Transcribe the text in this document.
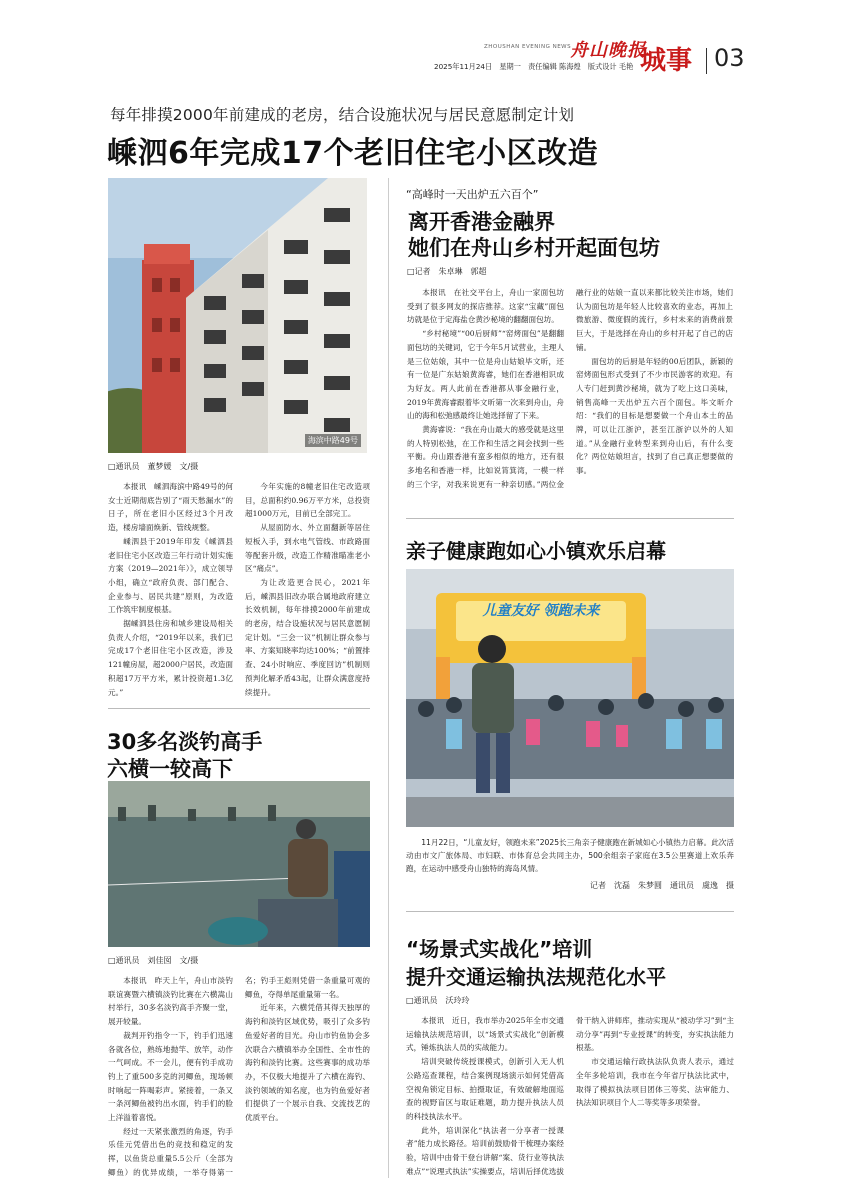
ZHOUSHAN EVENING NEWS
舟山晚报
2025年11月24日　星期一　责任编辑 陈海煌　版式设计 毛艳 城事 03
每年排摸2000年前建成的老房，结合设施状况与居民意愿制定计划
嵊泗6年完成17个老旧住宅小区改造
海滨中路49号
□通讯员　董梦媛　文/摄

本报讯　嵊泗海滨中路49号的何女士近期彻底告别了“雨天愁漏水”的日子，所在老旧小区经过3个月改造，楼房墙面焕新、管线规整。

嵊泗县于2019年印发《嵊泗县老旧住宅小区改造三年行动计划实施方案（2019—2021年）》，成立领导小组，确立“政府负责、部门配合、企业参与、居民共建”原则，为改造工作筑牢制度根基。

据嵊泗县住房和城乡建设局相关负责人介绍，“2019年以来，我们已完成17个老旧住宅小区改造，涉及121幢房屋，超2000户居民，改造面积超17万平方米，累计投资超1.3亿元。”

今年实施的8幢老旧住宅改造项目，总面积约0.96万平方米，总投资超1000万元，目前已全部完工。

从屋面防水、外立面翻新等居住短板入手，到水电气管线、市政路面等配套升级，改造工作精准瞄准老小区“痛点”。

为让改造更合民心，2021年后，嵊泗县旧改办联合属地政府建立长效机制，每年排摸2000年前建成的老房，结合设施状况与居民意愿制定计划。“三会一议”机制让群众参与率、方案知晓率均达100%；“前置排查、24小时响应、季度回访”机制则预判化解矛盾43起，让群众满意度持续提升。

“高峰时一天出炉五六百个”
离开香港金融界
她们在舟山乡村开起面包坊
□记者　朱卓琳　郭超

本报讯　在社交平台上，舟山一家面包坊受到了很多网友的探店推荐。这家“宝藏”面包坊就是位于定海盐仓黄沙秘境的翻翻面包坊。

“乡村秘境”“00后厨师”“窑烤面包”是翻翻面包坊的关键词，它于今年5月试营业，主理人是三位姑娘，其中一位是舟山姑娘毕文昕，还有一位是广东姑娘黄海睿，她们在香港相识成为好友。两人此前在香港都从事金融行业，2019年黄海睿跟着毕文昕第一次来到舟山，舟山的海和松弛感最终让她选择留了下来。

黄海睿说：“我在舟山最大的感受就是这里的人特别松弛，在工作和生活之间会找到一些平衡。舟山跟香港有蛮多相似的地方，还有很多地名和香港一样，比如说筲箕湾，一模一样的三个字，对我来说更有一种亲切感。”两位金融行业的姑娘一直以来都比较关注市场，她们认为面包坊是年轻人比较喜欢的业态，再加上微旅游、微度假的流行，乡村未来的消费前景巨大，于是选择在舟山的乡村开起了自己的店铺。

面包坊的后厨是年轻的00后团队，新颖的窑烤面包形式受到了不少市民游客的欢迎。有人专门赶到黄沙秘境，就为了吃上这口美味，销售高峰一天出炉五六百个面包。毕文昕介绍：“我们的目标是想要做一个舟山本土的品牌，可以让江浙沪，甚至江浙沪以外的人知道。”从金融行业转型来到舟山后，有什么变化？两位姑娘坦言，找到了自己真正想要做的事。

亲子健康跑如心小镇欢乐启幕
儿童友好 领跑未来
11月22日，“儿童友好，领跑未来”2025长三角亲子健康跑在新城如心小镇热力启幕。此次活动由市文广旅体局、市妇联、市体育总会共同主办，500余组亲子家庭在3.5公里赛道上欢乐奔跑，在运动中感受舟山独特的海岛风情。
记者　沈磊　朱梦圆　通讯员　虞逸　摄
30多名淡钓高手
六横一较高下
□通讯员　刘佳囡　文/摄

本报讯　昨天上午，舟山市淡钓联谊赛暨六横镇淡钓比赛在六横嵩山村举行，30多名淡钓高手齐聚一堂，展开较量。

裁判开钓指令一下，钓手们迅速各就各位，熟练地抛竿、放竿，动作一气呵成。不一会儿，便有钓手成功钓上了重500多克的河鲫鱼，现场顿时响起一阵喝彩声。紧接着，一条又一条河鲫鱼被钓出水面，钓手们的脸上洋溢着喜悦。

经过一天紧张激烈的角逐，钓手乐佳元凭借出色的竞技和稳定的发挥，以鱼货总重量5.5公斤（全部为鲫鱼）的优异成绩，一举夺得第一名；钓手王彪则凭借一条重量可观的鲫鱼，夺得单尾重量第一名。

近年来，六横凭借其得天独厚的海钓和淡钓区域优势，吸引了众多钓鱼爱好者的目光。舟山市钓鱼协会多次联合六横镇举办全国性、全市性的海钓和淡钓比赛。这些赛事的成功举办，不仅极大地提升了六横在海钓、淡钓领域的知名度，也为钓鱼爱好者们提供了一个展示自我、交流技艺的优质平台。

“场景式实战化”培训
提升交通运输执法规范化水平
□通讯员　沃玲玲

本报讯　近日，我市举办2025年全市交通运输执法规范培训，以“场景式实战化”创新模式，锤炼执法人员的实战能力。

培训突破传统授课模式，创新引入无人机公路巡查课程，结合案例现场演示如何凭借高空视角锁定目标、拍摄取证，有效破解地面巡查的视野盲区与取证难题，助力提升执法人员的科技执法水平。

此外，培训深化“执法者一分享者一授课者”能力成长路径。培训前鼓励骨干梳理办案经验，培训中由骨干登台讲解“案、货行业等执法难点”“说理式执法”实操要点，培训后择优选拔骨干纳入讲师库，推动实现从“被动学习”到“主动分享”再到“专业授课”的转变，夯实执法能力根基。

市交通运输行政执法队负责人表示，通过全年多轮培训，我市在今年省厅执法比武中，取得了模拟执法项目团体三等奖、法审能力、执法知识项目个人二等奖等多项荣誉。
